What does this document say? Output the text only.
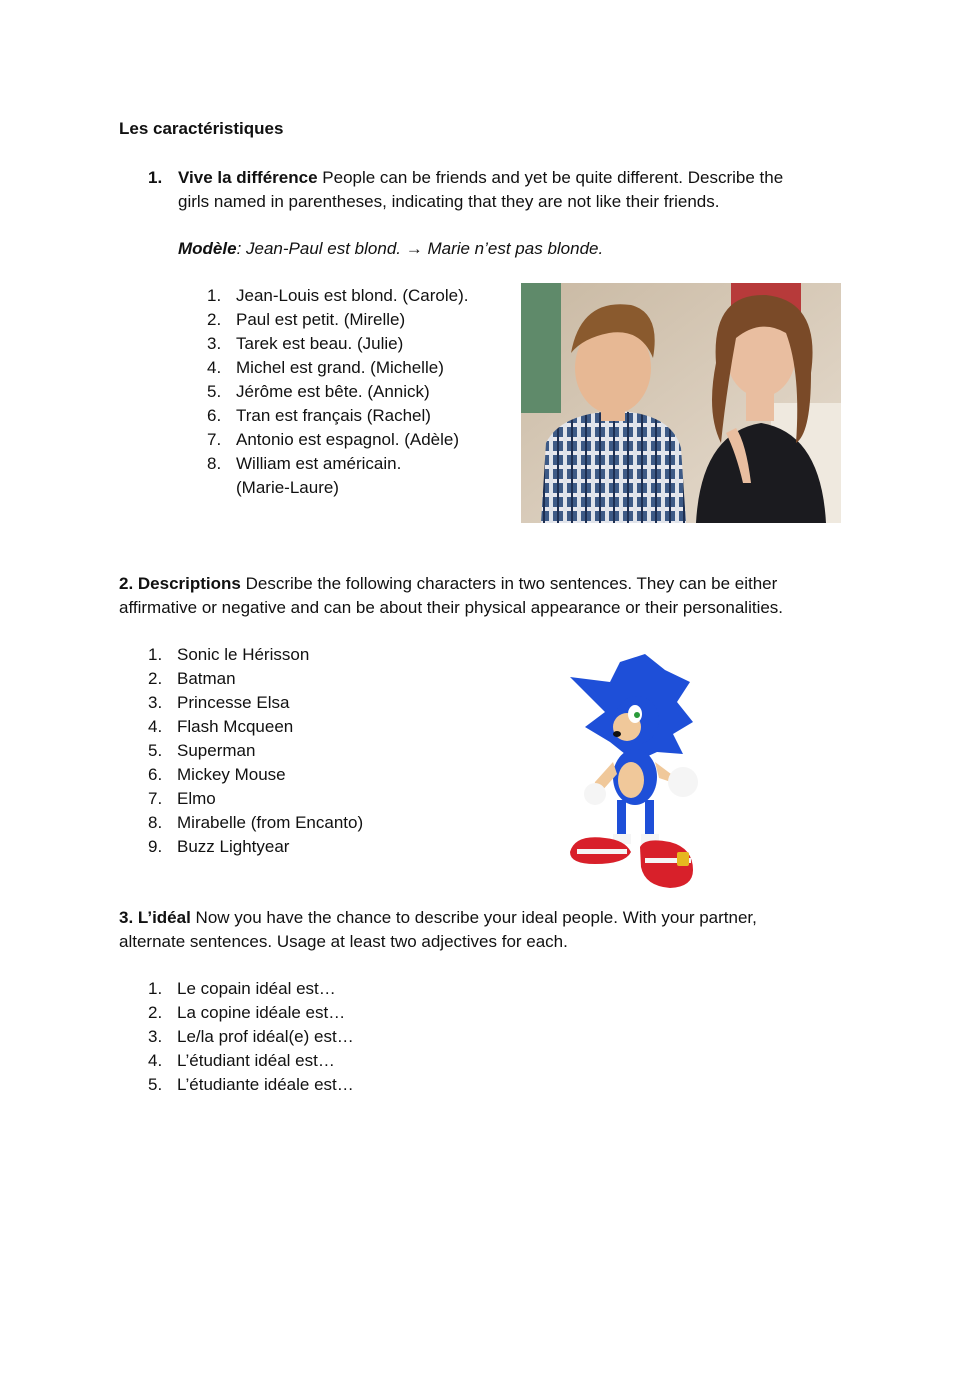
Les caractéristiques
1. Vive la différence People can be friends and yet be quite different. Describe the
girls named in parentheses, indicating that they are not like their friends.
Modèle: Jean-Paul est blond. → Marie n’est pas blonde.
1. Jean-Louis est blond. (Carole).
2. Paul est petit. (Mirelle)
3. Tarek est beau. (Julie)
4. Michel est grand. (Michelle)
5. Jérôme est bête. (Annick)
6. Tran est français (Rachel)
7. Antonio est espagnol. (Adèle)
8. William est américain.
(Marie-Laure)
2. Descriptions Describe the following characters in two sentences. They can be either
affirmative or negative and can be about their physical appearance or their personalities.
1. Sonic le Hérisson
2. Batman
3. Princesse Elsa
4. Flash Mcqueen
5. Superman
6. Mickey Mouse
7. Elmo
8. Mirabelle (from Encanto)
9. Buzz Lightyear
3. L’idéal Now you have the chance to describe your ideal people. With your partner,
alternate sentences. Usage at least two adjectives for each.
1. Le copain idéal est…
2. La copine idéale est…
3. Le/la prof idéal(e) est…
4. L’étudiant idéal est…
5. L’étudiante idéale est…
